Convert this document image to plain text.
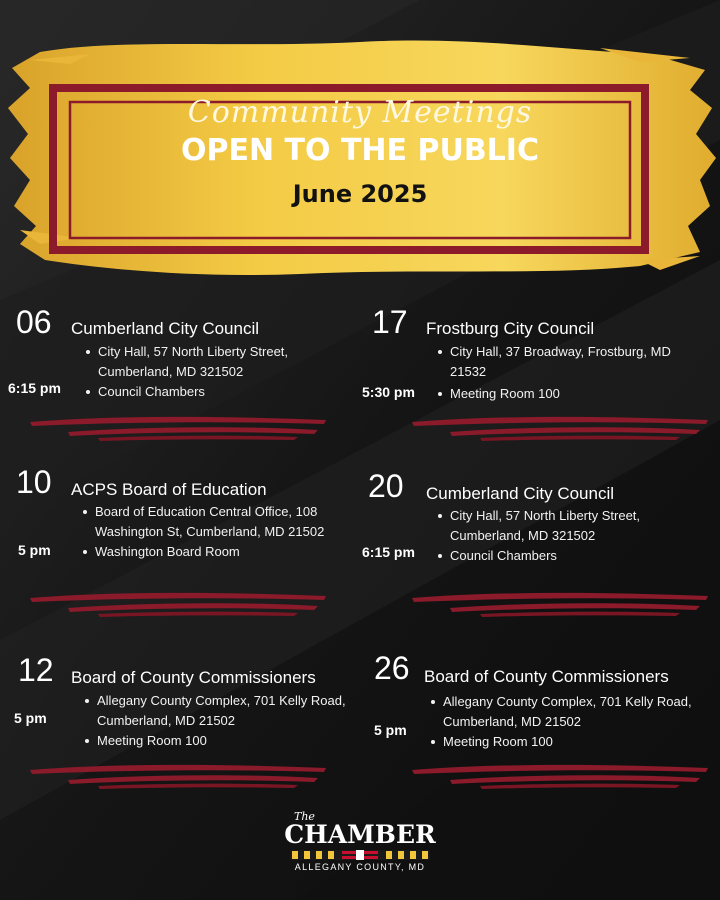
Community Meetings
OPEN TO THE PUBLIC
June 2025
06 Cumberland City Council
6:15 pm
City Hall, 57 North Liberty Street, Cumberland, MD 321502
Council Chambers
17 Frostburg City Council
5:30 pm
City Hall, 37 Broadway, Frostburg, MD 21532
Meeting Room 100
10 ACPS Board of Education
5 pm
Board of Education Central Office, 108 Washington St, Cumberland, MD 21502
Washington Board Room
20 Cumberland City Council
6:15 pm
City Hall, 57 North Liberty Street, Cumberland, MD 321502
Council Chambers
12 Board of County Commissioners
5 pm
Allegany County Complex, 701 Kelly Road, Cumberland, MD 21502
Meeting Room 100
26 Board of County Commissioners
5 pm
Allegany County Complex, 701 Kelly Road, Cumberland, MD 21502
Meeting Room 100
The
CHAMBER
ALLEGANY COUNTY, MD
